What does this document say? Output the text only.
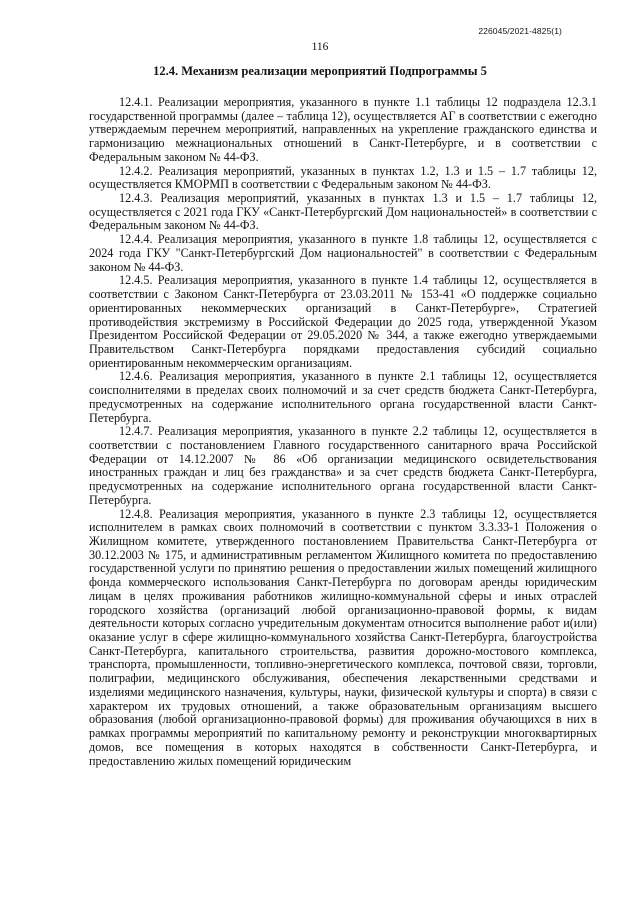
226045/2021-4825(1)
116
12.4. Механизм реализации мероприятий Подпрограммы 5

12.4.1. Реализации мероприятия, указанного в пункте 1.1 таблицы 12 подраздела 12.3.1 государственной программы (далее – таблица 12), осуществляется АГ в соответствии с ежегодно утверждаемым перечнем мероприятий, направленных на укрепление гражданского единства и гармонизацию межнациональных отношений в Санкт-Петербурге, и в соответствии с Федеральным законом № 44-ФЗ.

12.4.2. Реализация мероприятий, указанных в пунктах 1.2, 1.3 и 1.5 – 1.7 таблицы 12, осуществляется КМОРМП в соответствии с Федеральным законом № 44-ФЗ.

12.4.3. Реализация мероприятий, указанных в пунктах 1.3 и 1.5 – 1.7 таблицы 12, осуществляется с 2021 года ГКУ «Санкт-Петербургский Дом национальностей» в соответствии с Федеральным законом № 44-ФЗ.

12.4.4. Реализация мероприятия, указанного в пункте 1.8 таблицы 12, осуществляется с 2024 года ГКУ "Санкт-Петербургский Дом национальностей" в соответствии с Федеральным законом № 44-ФЗ.

12.4.5. Реализация мероприятия, указанного в пункте 1.4 таблицы 12, осуществляется в соответствии с Законом Санкт-Петербурга от 23.03.2011 № 153-41 «О поддержке социально ориентированных некоммерческих организаций в Санкт-Петербурге», Стратегией противодействия экстремизму в Российской Федерации до 2025 года, утвержденной Указом Президентом Российской Федерации от 29.05.2020 № 344, а также ежегодно утверждаемыми Правительством Санкт-Петербурга порядками предоставления субсидий социально ориентированным некоммерческим организациям.

12.4.6. Реализация мероприятия, указанного в пункте 2.1 таблицы 12, осуществляется соисполнителями в пределах своих полномочий и за счет средств бюджета Санкт-Петербурга, предусмотренных на содержание исполнительного органа государственной власти Санкт-Петербурга.

12.4.7. Реализация мероприятия, указанного в пункте 2.2 таблицы 12, осуществляется в соответствии с постановлением Главного государственного санитарного врача Российской Федерации от 14.12.2007 № 86 «Об организации медицинского освидетельствования иностранных граждан и лиц без гражданства» и за счет средств бюджета Санкт-Петербурга, предусмотренных на содержание исполнительного органа государственной власти Санкт-Петербурга.

12.4.8. Реализация мероприятия, указанного в пункте 2.3 таблицы 12, осуществляется исполнителем в рамках своих полномочий в соответствии с пунктом 3.3.33-1 Положения о Жилищном комитете, утвержденного постановлением Правительства Санкт-Петербурга от 30.12.2003 № 175, и административным регламентом Жилищного комитета по предоставлению государственной услуги по принятию решения о предоставлении жилых помещений жилищного фонда коммерческого использования Санкт-Петербурга по договорам аренды юридическим лицам в целях проживания работников жилищно-коммунальной сферы и иных отраслей городского хозяйства (организаций любой организационно-правовой формы, к видам деятельности которых согласно учредительным документам относится выполнение работ и(или) оказание услуг в сфере жилищно-коммунального хозяйства Санкт-Петербурга, благоустройства Санкт-Петербурга, капитального строительства, развития дорожно-мостового комплекса, транспорта, промышленности, топливно-энергетического комплекса, почтовой связи, торговли, полиграфии, медицинского обслуживания, обеспечения лекарственными средствами и изделиями медицинского назначения, культуры, науки, физической культуры и спорта) в связи с характером их трудовых отношений, а также образовательным организациям высшего образования (любой организационно-правовой формы) для проживания обучающихся в них в рамках программы мероприятий по капитальному ремонту и реконструкции многоквартирных домов, все помещения в которых находятся в собственности Санкт-Петербурга, и предоставлению жилых помещений юридическим
